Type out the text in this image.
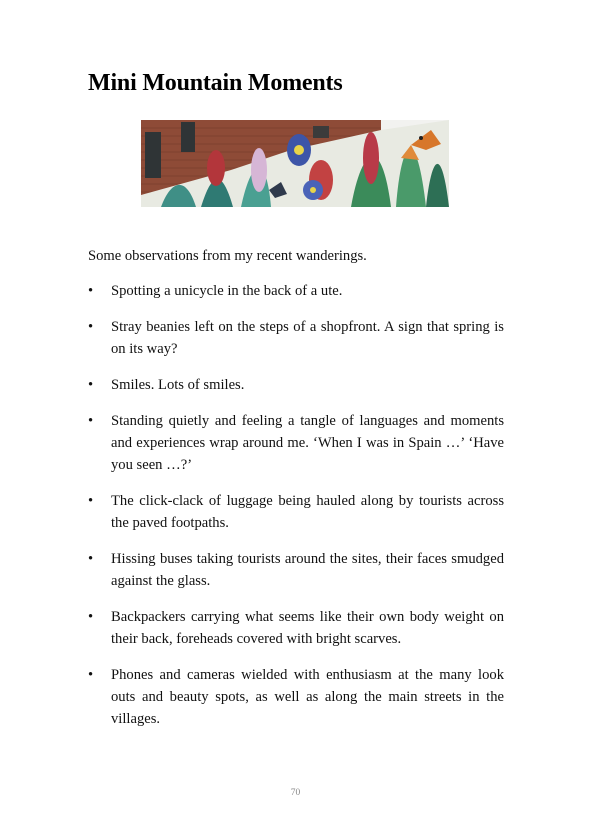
Mini Mountain Moments

Some observations from my recent wanderings.

•	Spotting a unicycle in the back of a ute.
•	Stray beanies left on the steps of a shopfront. A sign that spring is on its way?
•	Smiles. Lots of smiles.
•	Standing quietly and feeling a tangle of languages and moments and experiences wrap around me. ‘When I was in Spain …’ ‘Have you seen …?’
•	The click-clack of luggage being hauled along by tourists across the paved footpaths.
•	Hissing buses taking tourists around the sites, their faces smudged against the glass.
•	Backpackers carrying what seems like their own body weight on their back, foreheads covered with bright scarves.
•	Phones and cameras wielded with enthusiasm at the many look outs and beauty spots, as well as along the main streets in the villages.
70
